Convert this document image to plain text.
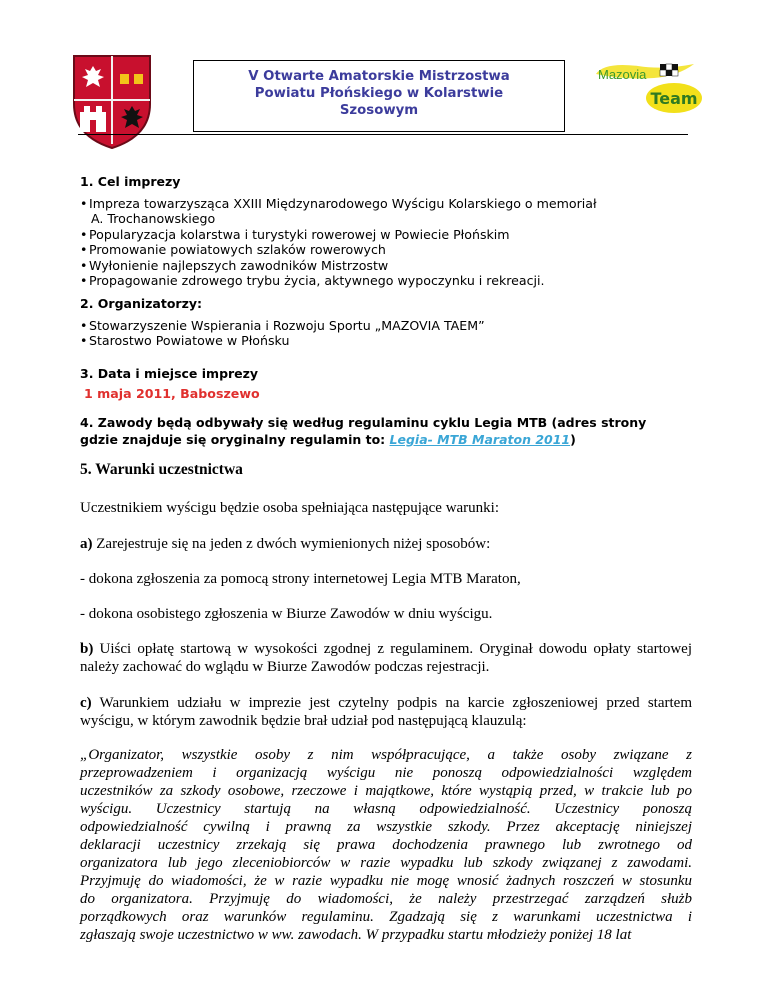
V Otwarte Amatorskie Mistrzostwa
Powiatu Płońskiego w Kolarstwie
Szosowym
Mazovia
Team
1. Cel imprezy
• Impreza towarzysząca XXIII Międzynarodowego Wyścigu Kolarskiego o memoriał
A. Trochanowskiego
• Popularyzacja kolarstwa i turystyki rowerowej w Powiecie Płońskim
• Promowanie powiatowych szlaków rowerowych
• Wyłonienie najlepszych zawodników Mistrzostw
• Propagowanie zdrowego trybu życia, aktywnego wypoczynku i rekreacji.
2. Organizatorzy:
• Stowarzyszenie Wspierania i Rozwoju Sportu „MAZOVIA TAEM”
• Starostwo Powiatowe w Płońsku
3. Data i miejsce imprezy
1 maja 2011, Baboszewo
4. Zawody będą odbywały się według regulaminu cyklu Legia MTB (adres strony
gdzie znajduje się oryginalny regulamin to: Legia- MTB Maraton 2011)
5. Warunki uczestnictwa
Uczestnikiem wyścigu będzie osoba spełniająca następujące warunki:
a) Zarejestruje się na jeden z dwóch wymienionych niżej sposobów:
- dokona zgłoszenia za pomocą strony internetowej Legia MTB Maraton,
- dokona osobistego zgłoszenia w Biurze Zawodów w dniu wyścigu.
b) Uiści opłatę startową w wysokości zgodnej z regulaminem. Oryginał dowodu opłaty startowej należy zachować do wglądu w Biurze Zawodów podczas rejestracji.
c) Warunkiem udziału w imprezie jest czytelny podpis na karcie zgłoszeniowej przed startem wyścigu, w którym zawodnik będzie brał udział pod następującą klauzulą:
„Organizator, wszystkie osoby z nim współpracujące, a także osoby związane z
przeprowadzeniem i organizacją wyścigu nie ponoszą odpowiedzialności względem
uczestników za szkody osobowe, rzeczowe i majątkowe, które wystąpią przed, w trakcie lub po
wyścigu. Uczestnicy startują na własną odpowiedzialność. Uczestnicy ponoszą
odpowiedzialność cywilną i prawną za wszystkie szkody. Przez akceptację niniejszej
deklaracji uczestnicy zrzekają się prawa dochodzenia prawnego lub zwrotnego od
organizatora lub jego zleceniobiorców w razie wypadku lub szkody związanej z zawodami.
Przyjmuję do wiadomości, że w razie wypadku nie mogę wnosić żadnych roszczeń w stosunku
do organizatora. Przyjmuję do wiadomości, że należy przestrzegać zarządzeń służb
porządkowych oraz warunków regulaminu. Zgadzają się z warunkami uczestnictwa i
zgłaszają swoje uczestnictwo w ww. zawodach. W przypadku startu młodzieży poniżej 18 lat
